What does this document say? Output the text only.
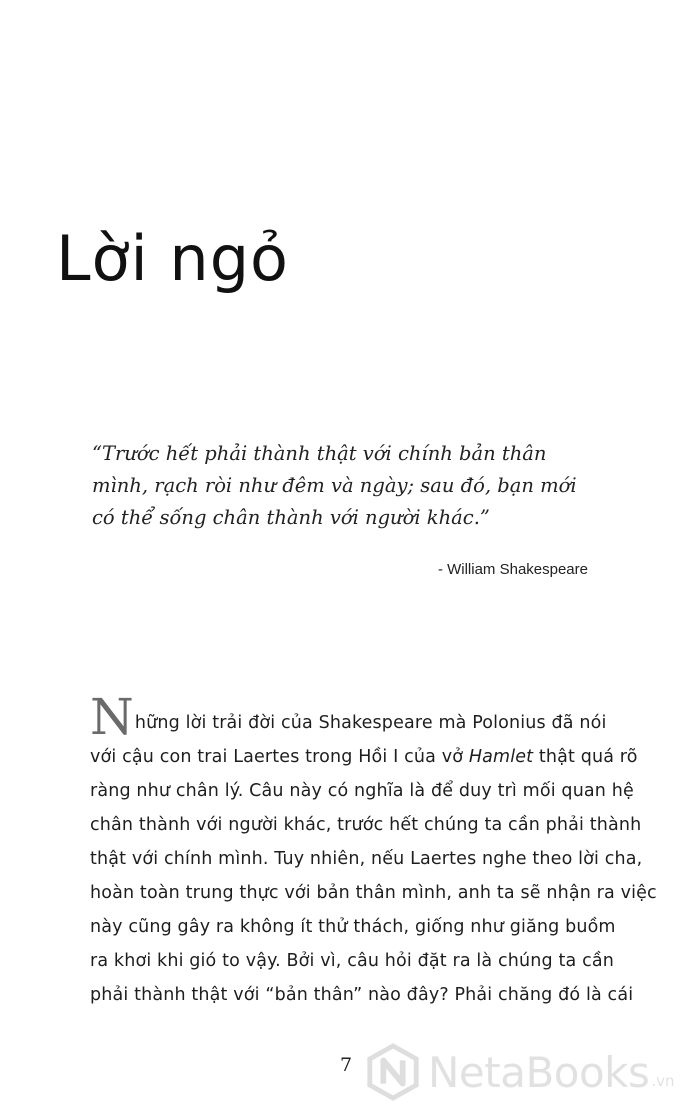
Lời ngỏ
“Trước hết phải thành thật với chính bản thân
mình, rạch ròi như đêm và ngày; sau đó, bạn mới
có thể sống chân thành với người khác.”
- William Shakespeare
Những lời trải đời của Shakespeare mà Polonius đã nói
với cậu con trai Laertes trong Hồi I của vở Hamlet thật quá rõ
ràng như chân lý. Câu này có nghĩa là để duy trì mối quan hệ
chân thành với người khác, trước hết chúng ta cần phải thành
thật với chính mình. Tuy nhiên, nếu Laertes nghe theo lời cha,
hoàn toàn trung thực với bản thân mình, anh ta sẽ nhận ra việc
này cũng gây ra không ít thử thách, giống như giăng buồm
ra khơi khi gió to vậy. Bởi vì, câu hỏi đặt ra là chúng ta cần
phải thành thật với “bản thân” nào đây? Phải chăng đó là cái
7 NetaBooks .vn
